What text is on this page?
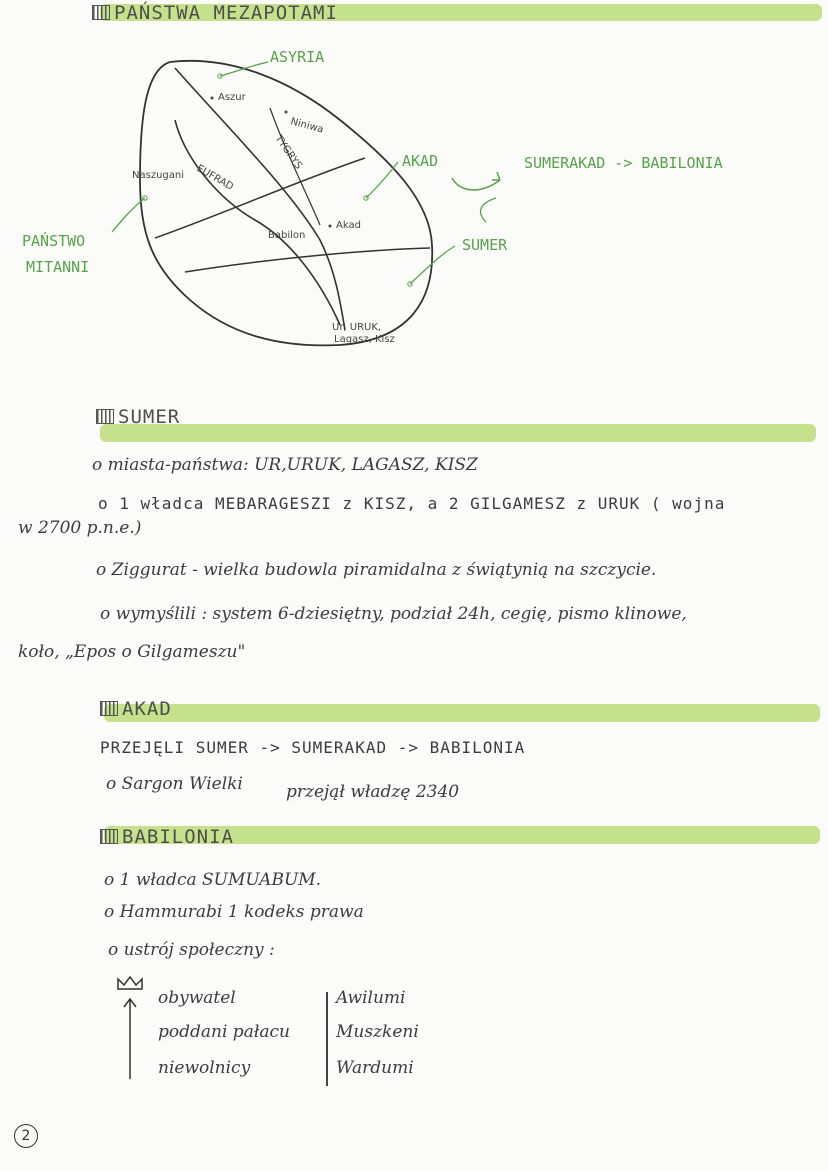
PAŃSTWA MEZAPOTAMI
ASYRIA
Aszur
Niniwa
TYGRYS
Naszugani EUFRAD
Babilon
Akad
Ur, URUK,
Lagasz, Kisz
AKAD
SUMER
PAŃSTWO
MITANNI
SUMERAKAD -> BABILONIA
SUMER
o miasta-państwa: UR,URUK, LAGASZ, KISZ
o 1 władca MEBARAGESZI z KISZ, a 2 GILGAMESZ z URUK ( wojna
w 2700 p.n.e.)
o Ziggurat - wielka budowla piramidalna z świątynią na szczycie.
o wymyślili : system 6-dziesiętny, podział 24h, cegię, pismo klinowe,
koło, „Epos o Gilgameszu"
AKAD
PRZEJĘLI SUMER -> SUMERAKAD -> BABILONIA
o Sargon Wielki	przejął władzę 2340
BABILONIA
o 1 władca SUMUABUM.
o Hammurabi 1 kodeks prawa
o ustrój społeczny :
obywatel
poddani pałacu
niewolnicy
Awilumi
Muszkeni
Wardumi
2
